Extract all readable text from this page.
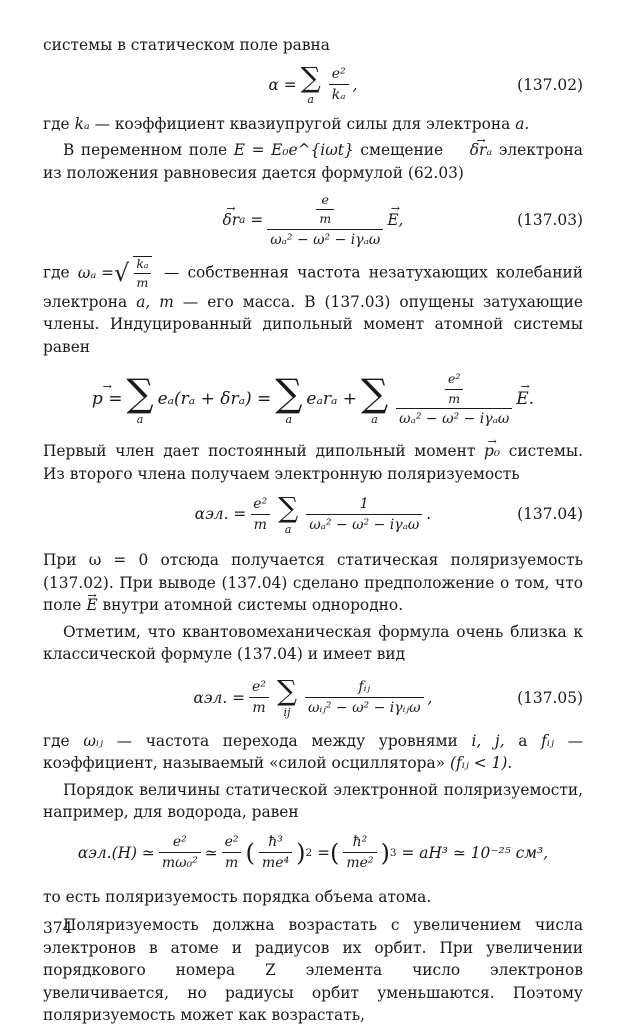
системы в статическом поле равна

α = ∑
a $\frac{\text{e²}}{\text{kₐ}}$ ,	(137.02)

где kₐ — коэффициент квазиупругой силы для электрона a.

В переменном поле E = E₀e^{iωt} смещение δrₐ → электрона из положения равновесия дается формулой (62.03)

$\delta r \to a = \frac{\frac{e}{m}}{\text{ωₐ² − ω² − iγₐω}} E$, →	(137.03)

где ωₐ = √ $\frac{\text{kₐ}}{m}$ — собственная частота незатухающих колебаний электрона a, m — его масса. В (137.03) опущены затухающие члены. Индуцированный дипольный момент атомной системы равен

p = → ∑
a
eₐ(rₐ + δrₐ) = ∑
a
eₐrₐ + ∑
a $\frac{\frac{\text{e²}}{m}}{\text{ωₐ² − ω² − iγₐω}} E$. →

Первый член дает постоянный дипольный момент p₀ → системы. Из второго члена получаем электронную поляризуемость

αэл. = $\frac{\text{e²}}{m}$ ∑
a $\frac{1}{\text{ωₐ² − ω² − iγₐω}}$ .	(137.04)

При ω = 0 отсюда получается статическая поляризуемость (137.02). При выводе (137.04) сделано предположение о том, что поле E → внутри атомной системы однородно.

Отметим, что квантовомеханическая формула очень близка к классической формуле (137.04) и имеет вид

αэл. = $\frac{\text{e²}}{m}$ ∑
ij $\frac{\text{fᵢⱼ}}{\text{ωᵢⱼ² − ω² − iγᵢⱼω}}$ ,	(137.05)

где ωᵢⱼ — частота перехода между уровнями i, j, а fᵢⱼ — коэффициент, называемый «силой осциллятора» (fᵢⱼ < 1).

Порядок величины статической электронной поляризуемости, например, для водорода, равен

αэл.(H) ≃ $\frac{\text{e²}}{\text{mω₀²}}$ ≃ $\frac{\text{e²}}{m}$ ( $\frac{\text{ħ³}}{\text{me⁴}}$ ) 2 = ( $\frac{\text{ħ²}}{\text{me²}}$ ) 3
= aH³ ≃ 10⁻²⁵ см³,

то есть поляризуемость порядка объема атома.

Поляризуемость должна возрастать с увеличением числа электронов в атоме и радиусов их орбит. При увеличении порядкового номера Z элемента число электронов увеличивается, но радиусы орбит уменьшаются. Поэтому поляризуемость может как возрастать,

374
